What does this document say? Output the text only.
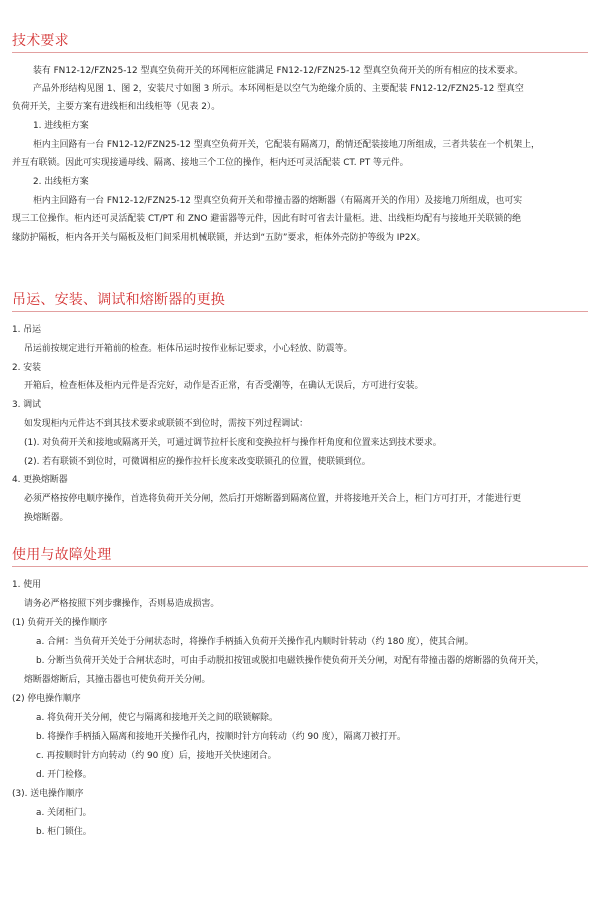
技术要求
装有 FN12-12/FZN25-12 型真空负荷开关的环网柜应能满足 FN12-12/FZN25-12 型真空负荷开关的所有相应的技术要求。
产品外形结构见图 1、图 2，安装尺寸如图 3 所示。本环网柜是以空气为绝缘介质的、主要配装 FN12-12/FZN25-12 型真空
负荷开关，主要方案有进线柜和出线柜等（见表 2）。
1. 进线柜方案
柜内主回路有一台 FN12-12/FZN25-12 型真空负荷开关，它配装有隔离刀，酌情还配装接地刀所组成，三者共装在一个机架上，
并互有联锁。因此可实现接通母线、隔离、接地三个工位的操作，柜内还可灵活配装 CT. PT 等元件。
2. 出线柜方案
柜内主回路有一台 FN12-12/FZN25-12 型真空负荷开关和带撞击器的熔断器（有隔离开关的作用）及接地刀所组成，也可实
现三工位操作。柜内还可灵活配装 CT/PT 和 ZNO 避雷器等元件，因此有时可省去计量柜。进、出线柜均配有与接地开关联锁的绝
缘防护隔板，柜内各开关与隔板及柜门间采用机械联锁，并达到“五防”要求，柜体外壳防护等级为 IP2X。
吊运、安装、调试和熔断器的更换
1. 吊运
吊运前按规定进行开箱前的检查。柜体吊运时按作业标记要求，小心轻放、防震等。
2. 安装
开箱后，检查柜体及柜内元件是否完好，动作是否正常，有否受潮等，在确认无误后，方可进行安装。
3. 调试
如发现柜内元件达不到其技术要求或联锁不到位时，需按下列过程调试：
(1). 对负荷开关和接地或隔离开关，可通过调节拉杆长度和变换拉杆与操作杆角度和位置来达到技术要求。
(2). 若有联锁不到位时，可微调相应的操作拉杆长度来改变联锁孔的位置，使联锁到位。
4. 更换熔断器
必须严格按停电顺序操作，首选将负荷开关分闸，然后打开熔断器到隔离位置，并将接地开关合上，柜门方可打开，才能进行更
换熔断器。
使用与故障处理
1. 使用
请务必严格按照下列步骤操作，否则易造成损害。
(1) 负荷开关的操作顺序
a. 合闸：当负荷开关处于分闸状态时，将操作手柄插入负荷开关操作孔内顺时针转动（约 180 度），使其合闸。
b. 分断当负荷开关处于合闸状态时，可由手动脱扣按钮或脱扣电磁铁操作使负荷开关分闸，对配有带撞击器的熔断器的负荷开关，
熔断器熔断后，其撞击器也可使负荷开关分闸。
(2) 停电操作顺序
a. 将负荷开关分闸，使它与隔离和接地开关之间的联锁解除。
b. 将操作手柄插入隔离和接地开关操作孔内，按顺时针方向转动（约 90 度），隔离刀被打开。
c. 再按顺时针方向转动（约 90 度）后，接地开关快速闭合。
d. 开门检修。
(3). 送电操作顺序
a. 关闭柜门。
b. 柜门锁住。
